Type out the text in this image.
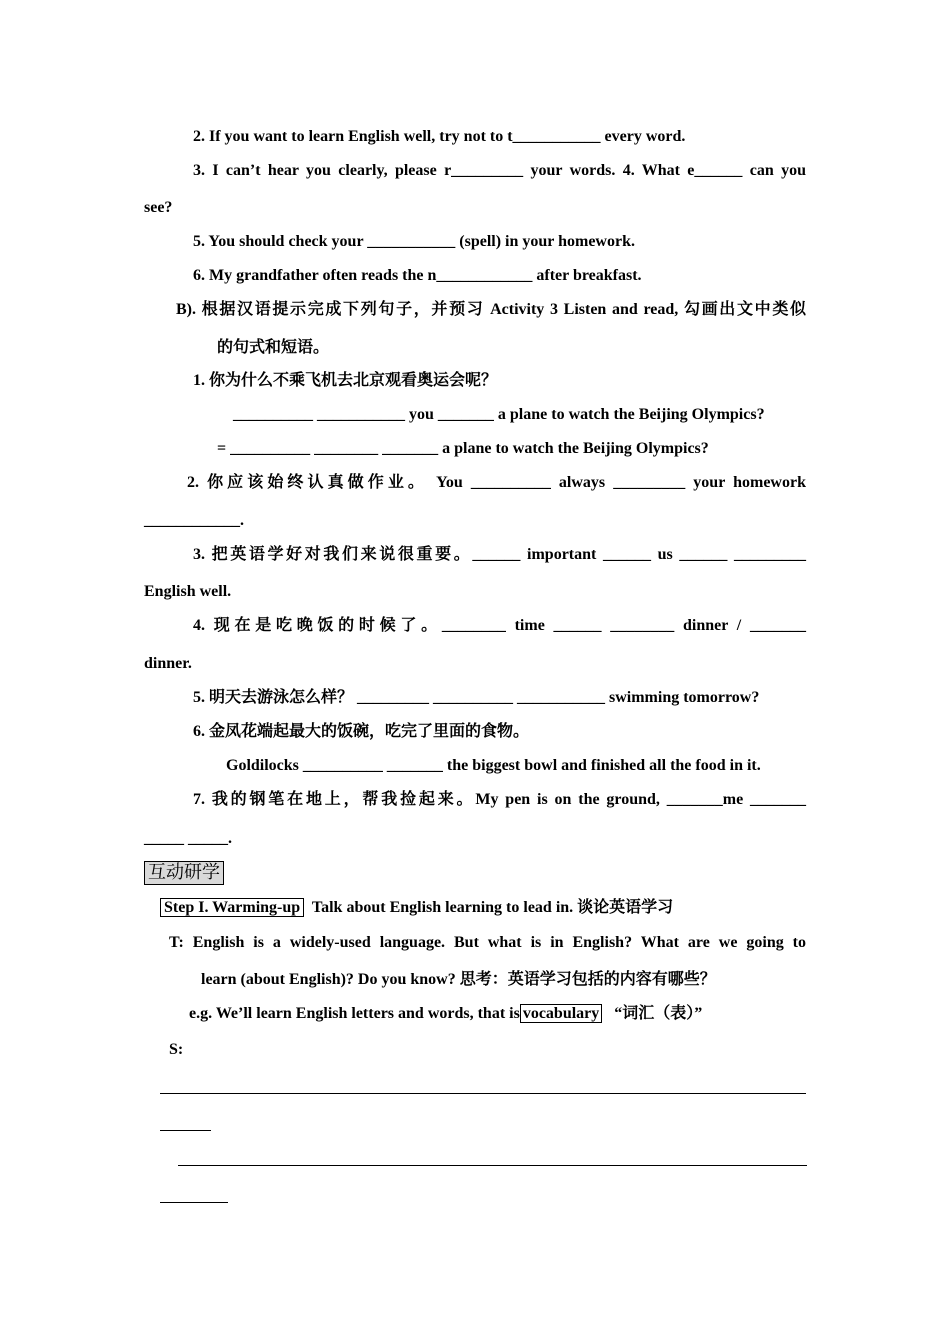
2. If you want to learn English well, try not to t___________ every word.
3. I can’t hear you clearly, please r_________ your words. 4. What e______ can you
see?
5. You should check your ___________ (spell) in your homework.
6. My grandfather often reads the n____________ after breakfast.
B). 根据汉语提示完成下列句子，并预习 Activity 3 Listen and read, 勾画出文中类似
的句式和短语。
1. 你为什么不乘飞机去北京观看奥运会呢？
__________ ___________ you _______ a plane to watch the Beijing Olympics?
= __________ ________ _______ a plane to watch the Beijing Olympics?
2. 你应该始终认真做作业。 You __________ always _________ your homework
____________.
3. 把英语学好对我们来说很重要。______ important ______ us ______ _________
English well.
4. 现在是吃晚饭的时候了。________ time ______ ________ dinner / _______
dinner.
5. 明天去游泳怎么样？ _________ __________ ___________ swimming tomorrow?
6. 金凤花端起最大的饭碗，吃完了里面的食物。
Goldilocks __________ _______ the biggest bowl and finished all the food in it.
7. 我的钢笔在地上，帮我捡起来。My pen is on the ground, _______me _______
_____ _____.
互动研学
Step I. Warming-up Talk about English learning to lead in. 谈论英语学习
T: English is a widely-used language. But what is in English? What are we going to
learn (about English)? Do you know? 思考：英语学习包括的内容有哪些？
e.g. We’ll learn English letters and words, that is vocabulary “词汇（表）”
S:
